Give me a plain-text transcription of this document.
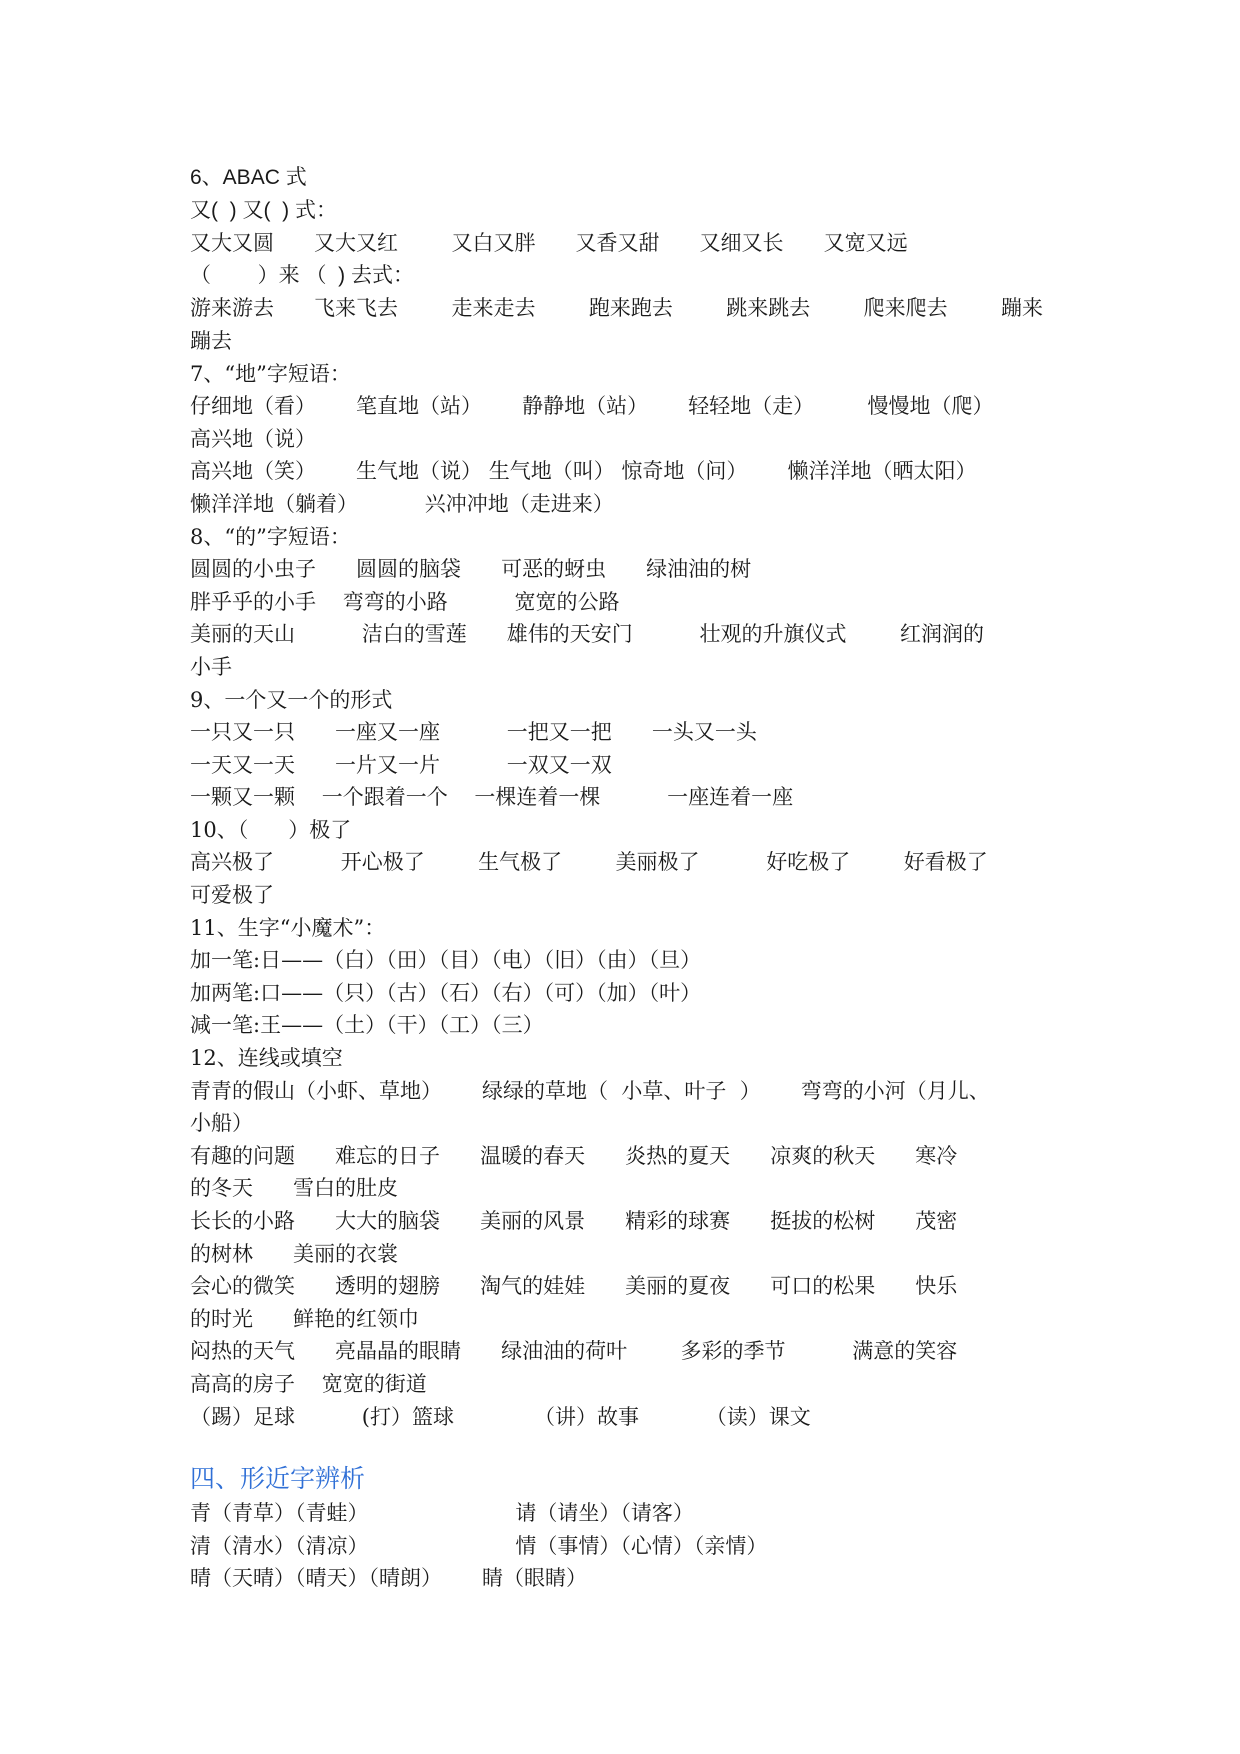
6、ABAC 式
又(  ) 又(  ) 式：
又大又圆      又大又红        又白又胖      又香又甜      又细又长      又宽又远
（        ）来 （  ) 去式：
游来游去      飞来飞去        走来走去        跑来跑去        跳来跳去        爬来爬去        蹦来
蹦去
7、“地”字短语：
仔细地（看）      笔直地（站）      静静地（站）      轻轻地（走）        慢慢地（爬）
高兴地（说）
高兴地（笑）      生气地（说） 生气地（叫） 惊奇地（问）      懒洋洋地（晒太阳）
懒洋洋地（躺着）          兴冲冲地（走进来）
8、“的”字短语：
圆圆的小虫子      圆圆的脑袋      可恶的蚜虫      绿油油的树
胖乎乎的小手    弯弯的小路          宽宽的公路
美丽的天山          洁白的雪莲      雄伟的天安门          壮观的升旗仪式        红润润的
小手
9、一个又一个的形式
一只又一只      一座又一座          一把又一把      一头又一头
一天又一天      一片又一片          一双又一双
一颗又一颗    一个跟着一个    一棵连着一棵          一座连着一座
10、（      ）极了
高兴极了          开心极了        生气极了        美丽极了          好吃极了        好看极了
可爱极了
11、生字“小魔术”：
加一笔:日——（白）（田）（目）（电）（旧）（由）（旦）
加两笔:口——（只）（古）（石）（右）（可）（加）（叶）
减一笔:王——（土）（干）（工）（三）
12、连线或填空
青青的假山（小虾、草地）      绿绿的草地（  小草、叶子  ）      弯弯的小河（月儿、
小船）
有趣的问题      难忘的日子      温暖的春天      炎热的夏天      凉爽的秋天      寒冷
的冬天      雪白的肚皮
长长的小路      大大的脑袋      美丽的风景      精彩的球赛      挺拔的松树      茂密
的树林      美丽的衣裳
会心的微笑      透明的翅膀      淘气的娃娃      美丽的夏夜      可口的松果      快乐
的时光      鲜艳的红领巾
闷热的天气      亮晶晶的眼睛      绿油油的荷叶        多彩的季节          满意的笑容
高高的房子    宽宽的街道
（踢）足球          (打）篮球            （讲）故事          （读）课文
四、形近字辨析
青（青草）（青蛙）                      请（请坐）（请客）
清（清水）（清凉）                      情（事情）（心情）（亲情）
晴（天晴）（晴天）（晴朗）      睛（眼睛）
